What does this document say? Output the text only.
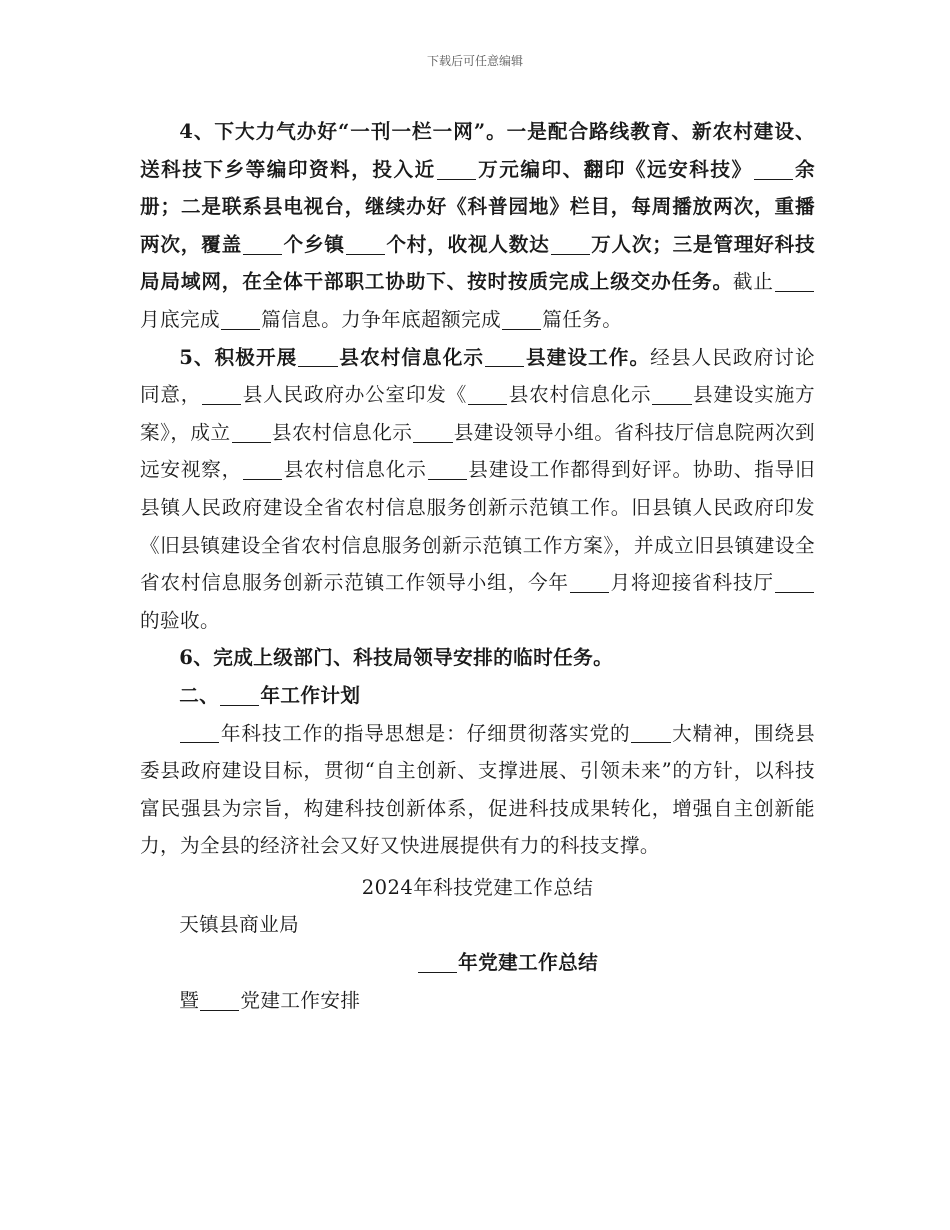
下载后可任意编辑

4、下大力气办好“一刊一栏一网”。一是配合路线教育、新农村建设、送科技下乡等编印资料，投入近 万元编印、翻印《远安科技》 余册；二是联系县电视台，继续办好《科普园地》栏目，每周播放两次，重播两次，覆盖 个乡镇 个村，收视人数达 万人次；三是管理好科技局局域网，在全体干部职工协助下、按时按质完成上级交办任务。截止月底完成 篇信息。力争年底超额完成 篇任务。

5、积极开展 县农村信息化示 县建设工作。经县人民政府讨论同意， 县人民政府办公室印发《 县农村信息化示 县建设实施方案》，成立 县农村信息化示 县建设领导小组。省科技厅信息院两次到远安视察， 县农村信息化示 县建设工作都得到好评。协助、指导旧县镇人民政府建设全省农村信息服务创新示范镇工作。旧县镇人民政府印发《旧县镇建设全省农村信息服务创新示范镇工作方案》，并成立旧县镇建设全省农村信息服务创新示范镇工作领导小组，今年 月将迎接省科技厅的验收。

6、完成上级部门、科技局领导安排的临时任务。

二、 年工作计划

年科技工作的指导思想是：仔细贯彻落实党的 大精神，围绕县委县政府建设目标，贯彻“自主创新、支撑进展、引领未来”的方针，以科技富民强县为宗旨，构建科技创新体系，促进科技成果转化，增强自主创新能力，为全县的经济社会又好又快进展提供有力的科技支撑。

2024年科技党建工作总结

天镇县商业局

年党建工作总结

暨 党建工作安排
